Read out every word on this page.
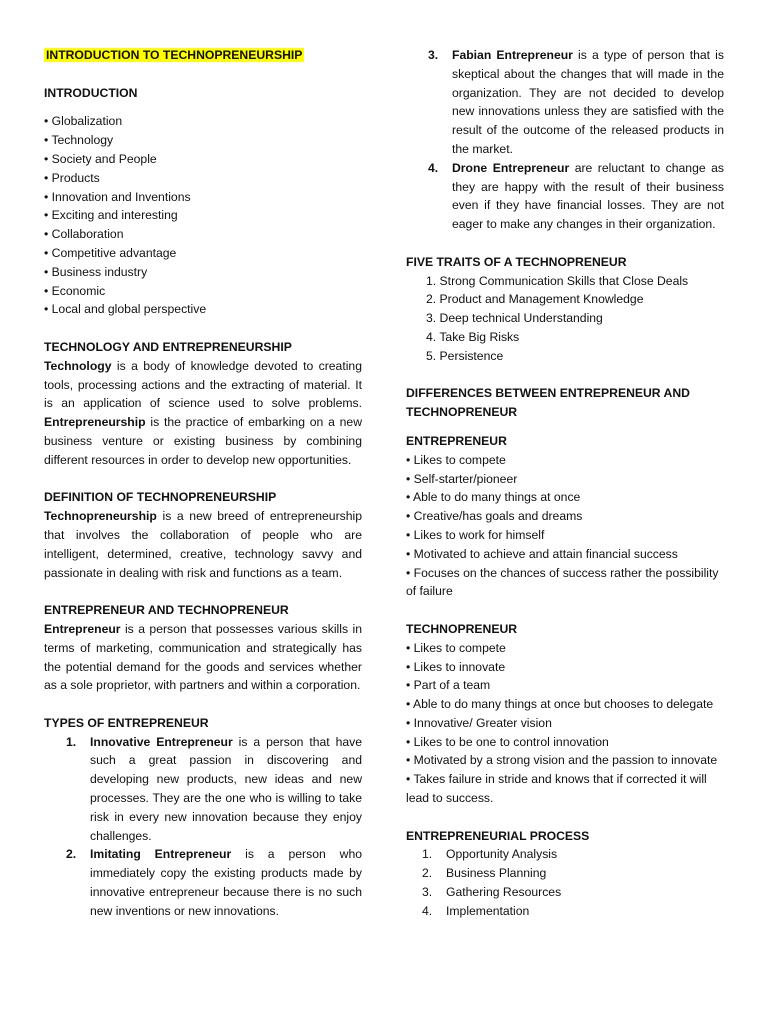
INTRODUCTION TO TECHNOPRENEURSHIP
INTRODUCTION
• Globalization
• Technology
• Society and People
• Products
• Innovation and Inventions
• Exciting and interesting
• Collaboration
• Competitive advantage
• Business industry
• Economic
• Local and global perspective
TECHNOLOGY AND ENTREPRENEURSHIP
Technology is a body of knowledge devoted to creating tools, processing actions and the extracting of material. It is an application of science used to solve problems. Entrepreneurship is the practice of embarking on a new business venture or existing business by combining different resources in order to develop new opportunities.
DEFINITION OF TECHNOPRENEURSHIP
Technopreneurship is a new breed of entrepreneurship that involves the collaboration of people who are intelligent, determined, creative, technology savvy and passionate in dealing with risk and functions as a team.
ENTREPRENEUR AND TECHNOPRENEUR
Entrepreneur is a person that possesses various skills in terms of marketing, communication and strategically has the potential demand for the goods and services whether as a sole proprietor, with partners and within a corporation.
TYPES OF ENTREPRENEUR
1. Innovative Entrepreneur is a person that have such a great passion in discovering and developing new products, new ideas and new processes. They are the one who is willing to take risk in every new innovation because they enjoy challenges.
2. Imitating Entrepreneur is a person who immediately copy the existing products made by innovative entrepreneur because there is no such new inventions or new innovations.
3. Fabian Entrepreneur is a type of person that is skeptical about the changes that will made in the organization. They are not decided to develop new innovations unless they are satisfied with the result of the outcome of the released products in the market.
4. Drone Entrepreneur are reluctant to change as they are happy with the result of their business even if they have financial losses. They are not eager to make any changes in their organization.
FIVE TRAITS OF A TECHNOPRENEUR
1. Strong Communication Skills that Close Deals
2. Product and Management Knowledge
3. Deep technical Understanding
4. Take Big Risks
5. Persistence
DIFFERENCES BETWEEN ENTREPRENEUR AND TECHNOPRENEUR
ENTREPRENEUR
• Likes to compete
• Self-starter/pioneer
• Able to do many things at once
• Creative/has goals and dreams
• Likes to work for himself
• Motivated to achieve and attain financial success
• Focuses on the chances of success rather the possibility of failure
TECHNOPRENEUR
• Likes to compete
• Likes to innovate
• Part of a team
• Able to do many things at once but chooses to delegate
• Innovative/ Greater vision
• Likes to be one to control innovation
• Motivated by a strong vision and the passion to innovate
• Takes failure in stride and knows that if corrected it will lead to success.
ENTREPRENEURIAL PROCESS
1. Opportunity Analysis
2. Business Planning
3. Gathering Resources
4. Implementation
